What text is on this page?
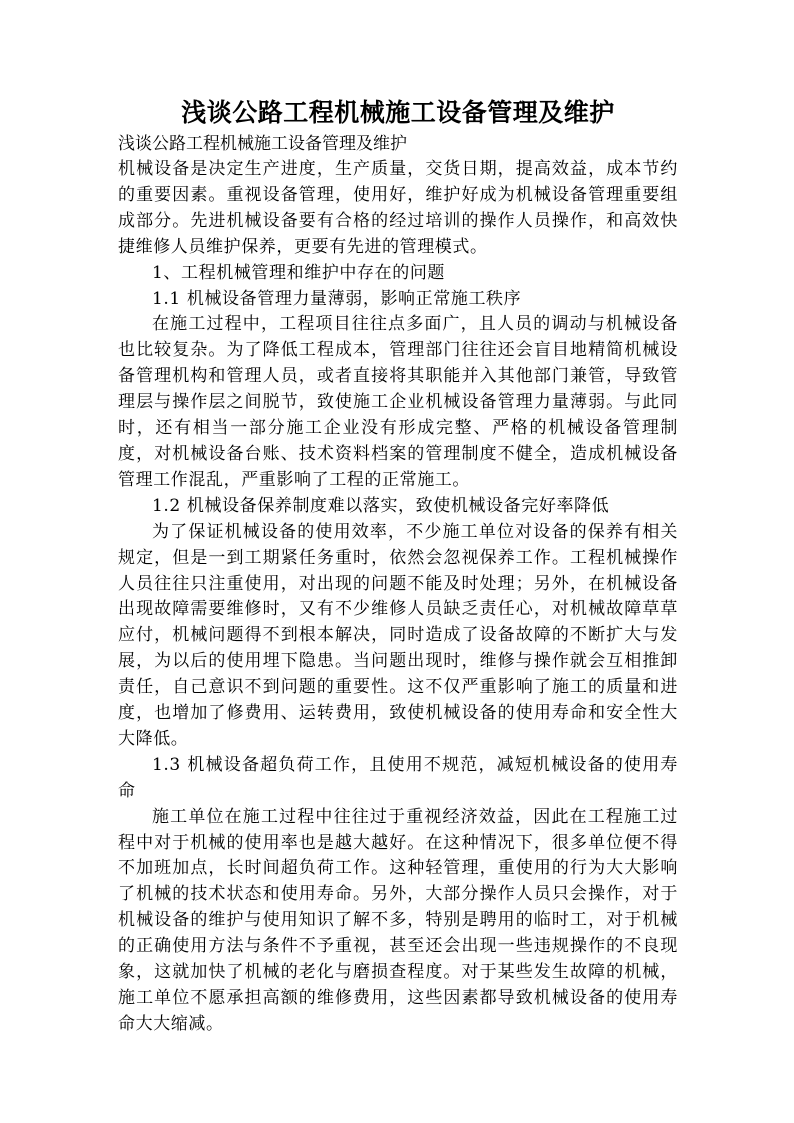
浅谈公路工程机械施工设备管理及维护
浅谈公路工程机械施工设备管理及维护

机械设备是决定生产进度，生产质量，交货日期，提高效益，成本节约的重要因素。重视设备管理，使用好，维护好成为机械设备管理重要组成部分。先进机械设备要有合格的经过培训的操作人员操作，和高效快捷维修人员维护保养，更要有先进的管理模式。

1、工程机械管理和维护中存在的问题

1.1 机械设备管理力量薄弱，影响正常施工秩序

在施工过程中，工程项目往往点多面广，且人员的调动与机械设备也比较复杂。为了降低工程成本，管理部门往往还会盲目地精简机械设备管理机构和管理人员，或者直接将其职能并入其他部门兼管，导致管理层与操作层之间脱节，致使施工企业机械设备管理力量薄弱。与此同时，还有相当一部分施工企业没有形成完整、严格的机械设备管理制度，对机械设备台账、技术资料档案的管理制度不健全，造成机械设备管理工作混乱，严重影响了工程的正常施工。

1.2 机械设备保养制度难以落实，致使机械设备完好率降低

为了保证机械设备的使用效率，不少施工单位对设备的保养有相关规定，但是一到工期紧任务重时，依然会忽视保养工作。工程机械操作人员往往只注重使用，对出现的问题不能及时处理；另外，在机械设备出现故障需要维修时，又有不少维修人员缺乏责任心，对机械故障草草应付，机械问题得不到根本解决，同时造成了设备故障的不断扩大与发展，为以后的使用埋下隐患。当问题出现时，维修与操作就会互相推卸责任，自己意识不到问题的重要性。这不仅严重影响了施工的质量和进度，也增加了修费用、运转费用，致使机械设备的使用寿命和安全性大大降低。

1.3 机械设备超负荷工作，且使用不规范，减短机械设备的使用寿命

施工单位在施工过程中往往过于重视经济效益，因此在工程施工过程中对于机械的使用率也是越大越好。在这种情况下，很多单位便不得不加班加点，长时间超负荷工作。这种轻管理，重使用的行为大大影响了机械的技术状态和使用寿命。另外，大部分操作人员只会操作，对于机械设备的维护与使用知识了解不多，特别是聘用的临时工，对于机械的正确使用方法与条件不予重视，甚至还会出现一些违规操作的不良现象，这就加快了机械的老化与磨损查程度。对于某些发生故障的机械，施工单位不愿承担高额的维修费用，这些因素都导致机械设备的使用寿命大大缩减。
